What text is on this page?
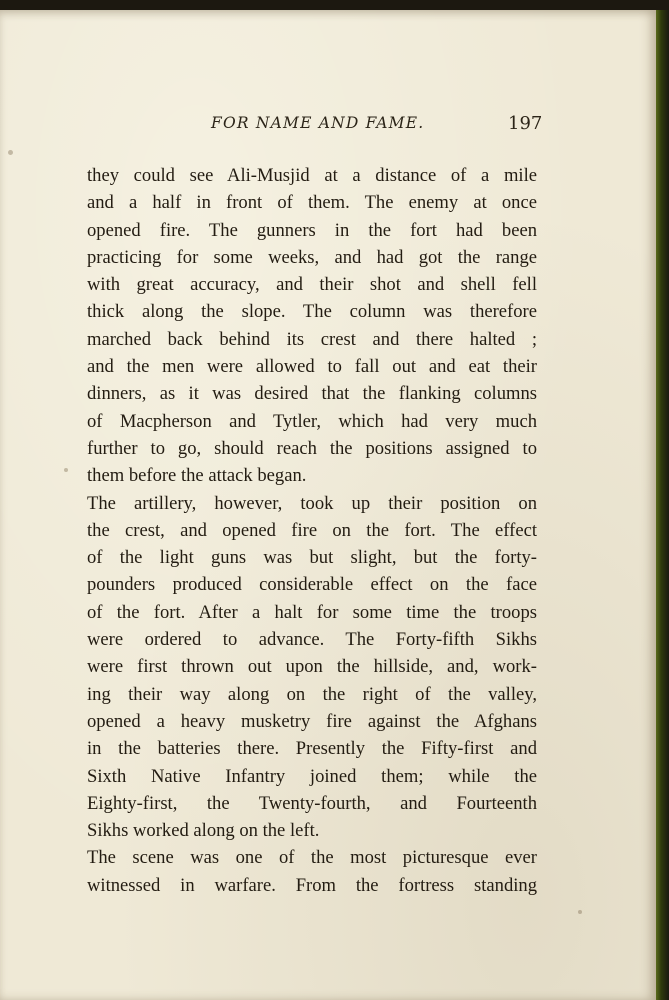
FOR NAME AND FAME.	197
they could see Ali-Musjid at a distance of a mile
and a half in front of them. The enemy at once
opened fire. The gunners in the fort had been
practicing for some weeks, and had got the range
with great accuracy, and their shot and shell fell
thick along the slope. The column was therefore
marched back behind its crest and there halted ;
and the men were allowed to fall out and eat their
dinners, as it was desired that the flanking columns
of Macpherson and Tytler, which had very much
further to go, should reach the positions assigned to
them before the attack began.
The artillery, however, took up their position on
the crest, and opened fire on the fort. The effect
of the light guns was but slight, but the forty-
pounders produced considerable effect on the face
of the fort. After a halt for some time the troops
were ordered to advance. The Forty-fifth Sikhs
were first thrown out upon the hillside, and, work-
ing their way along on the right of the valley,
opened a heavy musketry fire against the Afghans
in the batteries there. Presently the Fifty-first and
Sixth Native Infantry joined them; while the
Eighty-first, the Twenty-fourth, and Fourteenth
Sikhs worked along on the left.
The scene was one of the most picturesque ever
witnessed in warfare. From the fortress standing
